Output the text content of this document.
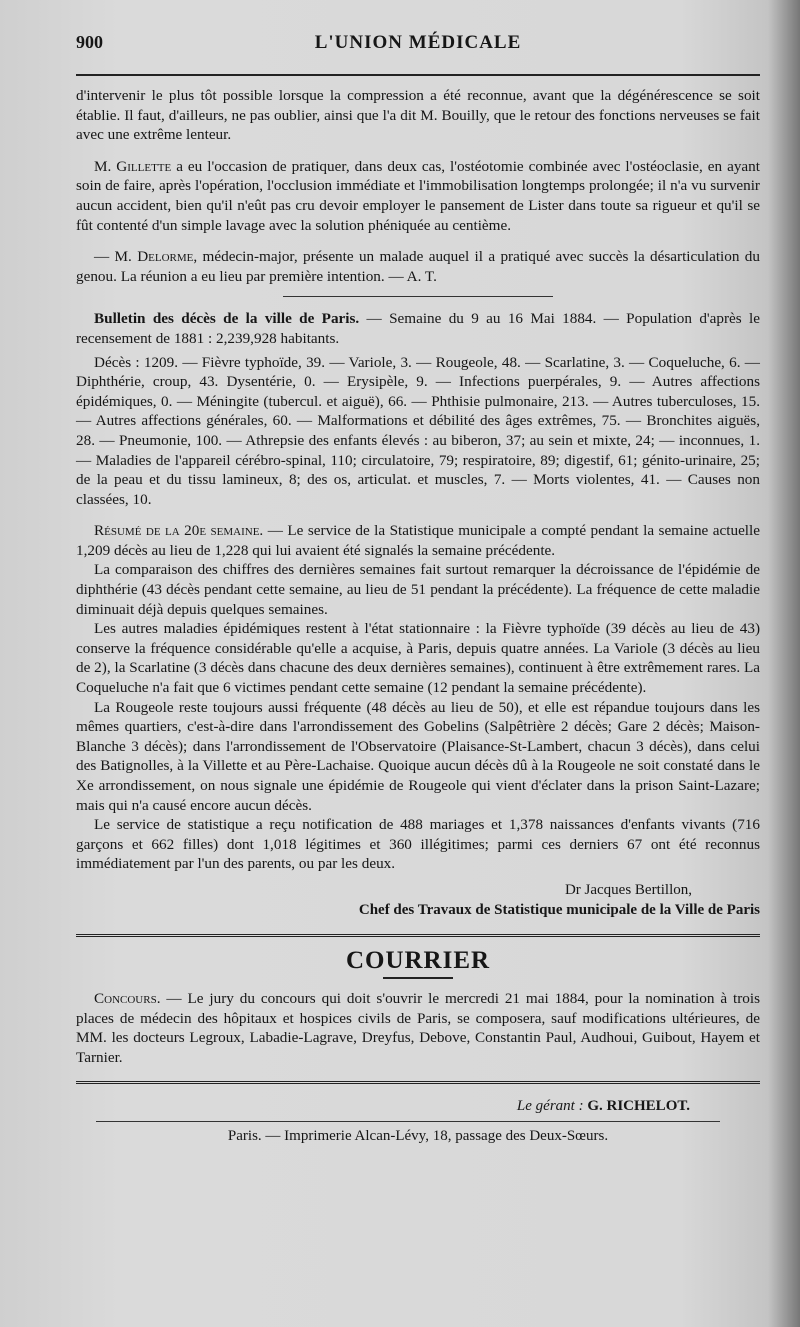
900	L'UNION MÉDICALE

d'intervenir le plus tôt possible lorsque la compression a été reconnue, avant que la dégénérescence se soit établie. Il faut, d'ailleurs, ne pas oublier, ainsi que l'a dit M. Bouilly, que le retour des fonctions nerveuses se fait avec une extrême lenteur.

M. Gillette a eu l'occasion de pratiquer, dans deux cas, l'ostéotomie combinée avec l'ostéoclasie, en ayant soin de faire, après l'opération, l'occlusion immédiate et l'immobilisation longtemps prolongée; il n'a vu survenir aucun accident, bien qu'il n'eût pas cru devoir employer le pansement de Lister dans toute sa rigueur et qu'il se fût contenté d'un simple lavage avec la solution phéniquée au centième.

— M. Delorme, médecin-major, présente un malade auquel il a pratiqué avec succès la désarticulation du genou. La réunion a eu lieu par première intention. — A. T.

Bulletin des décès de la ville de Paris. — Semaine du 9 au 16 Mai 1884. — Population d'après le recensement de 1881 : 2,239,928 habitants.

Décès : 1209. — Fièvre typhoïde, 39. — Variole, 3. — Rougeole, 48. — Scarlatine, 3. — Coqueluche, 6. — Diphthérie, croup, 43. Dysentérie, 0. — Erysipèle, 9. — Infections puerpérales, 9. — Autres affections épidémiques, 0. — Méningite (tubercul. et aiguë), 66. — Phthisie pulmonaire, 213. — Autres tuberculoses, 15. — Autres affections générales, 60. — Malformations et débilité des âges extrêmes, 75. — Bronchites aiguës, 28. — Pneumonie, 100. — Athrepsie des enfants élevés : au biberon, 37; au sein et mixte, 24; — inconnues, 1. — Maladies de l'appareil cérébro-spinal, 110; circulatoire, 79; respiratoire, 89; digestif, 61; génito-urinaire, 25; de la peau et du tissu lamineux, 8; des os, articulat. et muscles, 7. — Morts violentes, 41. — Causes non classées, 10.

Résumé de la 20e semaine. — Le service de la Statistique municipale a compté pendant la semaine actuelle 1,209 décès au lieu de 1,228 qui lui avaient été signalés la semaine précédente.

La comparaison des chiffres des dernières semaines fait surtout remarquer la décroissance de l'épidémie de diphthérie (43 décès pendant cette semaine, au lieu de 51 pendant la précédente). La fréquence de cette maladie diminuait déjà depuis quelques semaines.

Les autres maladies épidémiques restent à l'état stationnaire : la Fièvre typhoïde (39 décès au lieu de 43) conserve la fréquence considérable qu'elle a acquise, à Paris, depuis quatre années. La Variole (3 décès au lieu de 2), la Scarlatine (3 décès dans chacune des deux dernières semaines), continuent à être extrêmement rares. La Coqueluche n'a fait que 6 victimes pendant cette semaine (12 pendant la semaine précédente).

La Rougeole reste toujours aussi fréquente (48 décès au lieu de 50), et elle est répandue toujours dans les mêmes quartiers, c'est-à-dire dans l'arrondissement des Gobelins (Salpêtrière 2 décès; Gare 2 décès; Maison-Blanche 3 décès); dans l'arrondissement de l'Observatoire (Plaisance-St-Lambert, chacun 3 décès), dans celui des Batignolles, à la Villette et au Père-Lachaise. Quoique aucun décès dû à la Rougeole ne soit constaté dans le Xe arrondissement, on nous signale une épidémie de Rougeole qui vient d'éclater dans la prison Saint-Lazare; mais qui n'a causé encore aucun décès.

Le service de statistique a reçu notification de 488 mariages et 1,378 naissances d'enfants vivants (716 garçons et 662 filles) dont 1,018 légitimes et 360 illégitimes; parmi ces derniers 67 ont été reconnus immédiatement par l'un des parents, ou par les deux.

Dr Jacques Bertillon,
Chef des Travaux de Statistique municipale de la Ville de Paris
COURRIER

Concours. — Le jury du concours qui doit s'ouvrir le mercredi 21 mai 1884, pour la nomination à trois places de médecin des hôpitaux et hospices civils de Paris, se composera, sauf modifications ultérieures, de MM. les docteurs Legroux, Labadie-Lagrave, Dreyfus, Debove, Constantin Paul, Audhoui, Guibout, Hayem et Tarnier.

Le gérant : G. RICHELOT.
Paris. — Imprimerie Alcan-Lévy, 18, passage des Deux-Sœurs.
